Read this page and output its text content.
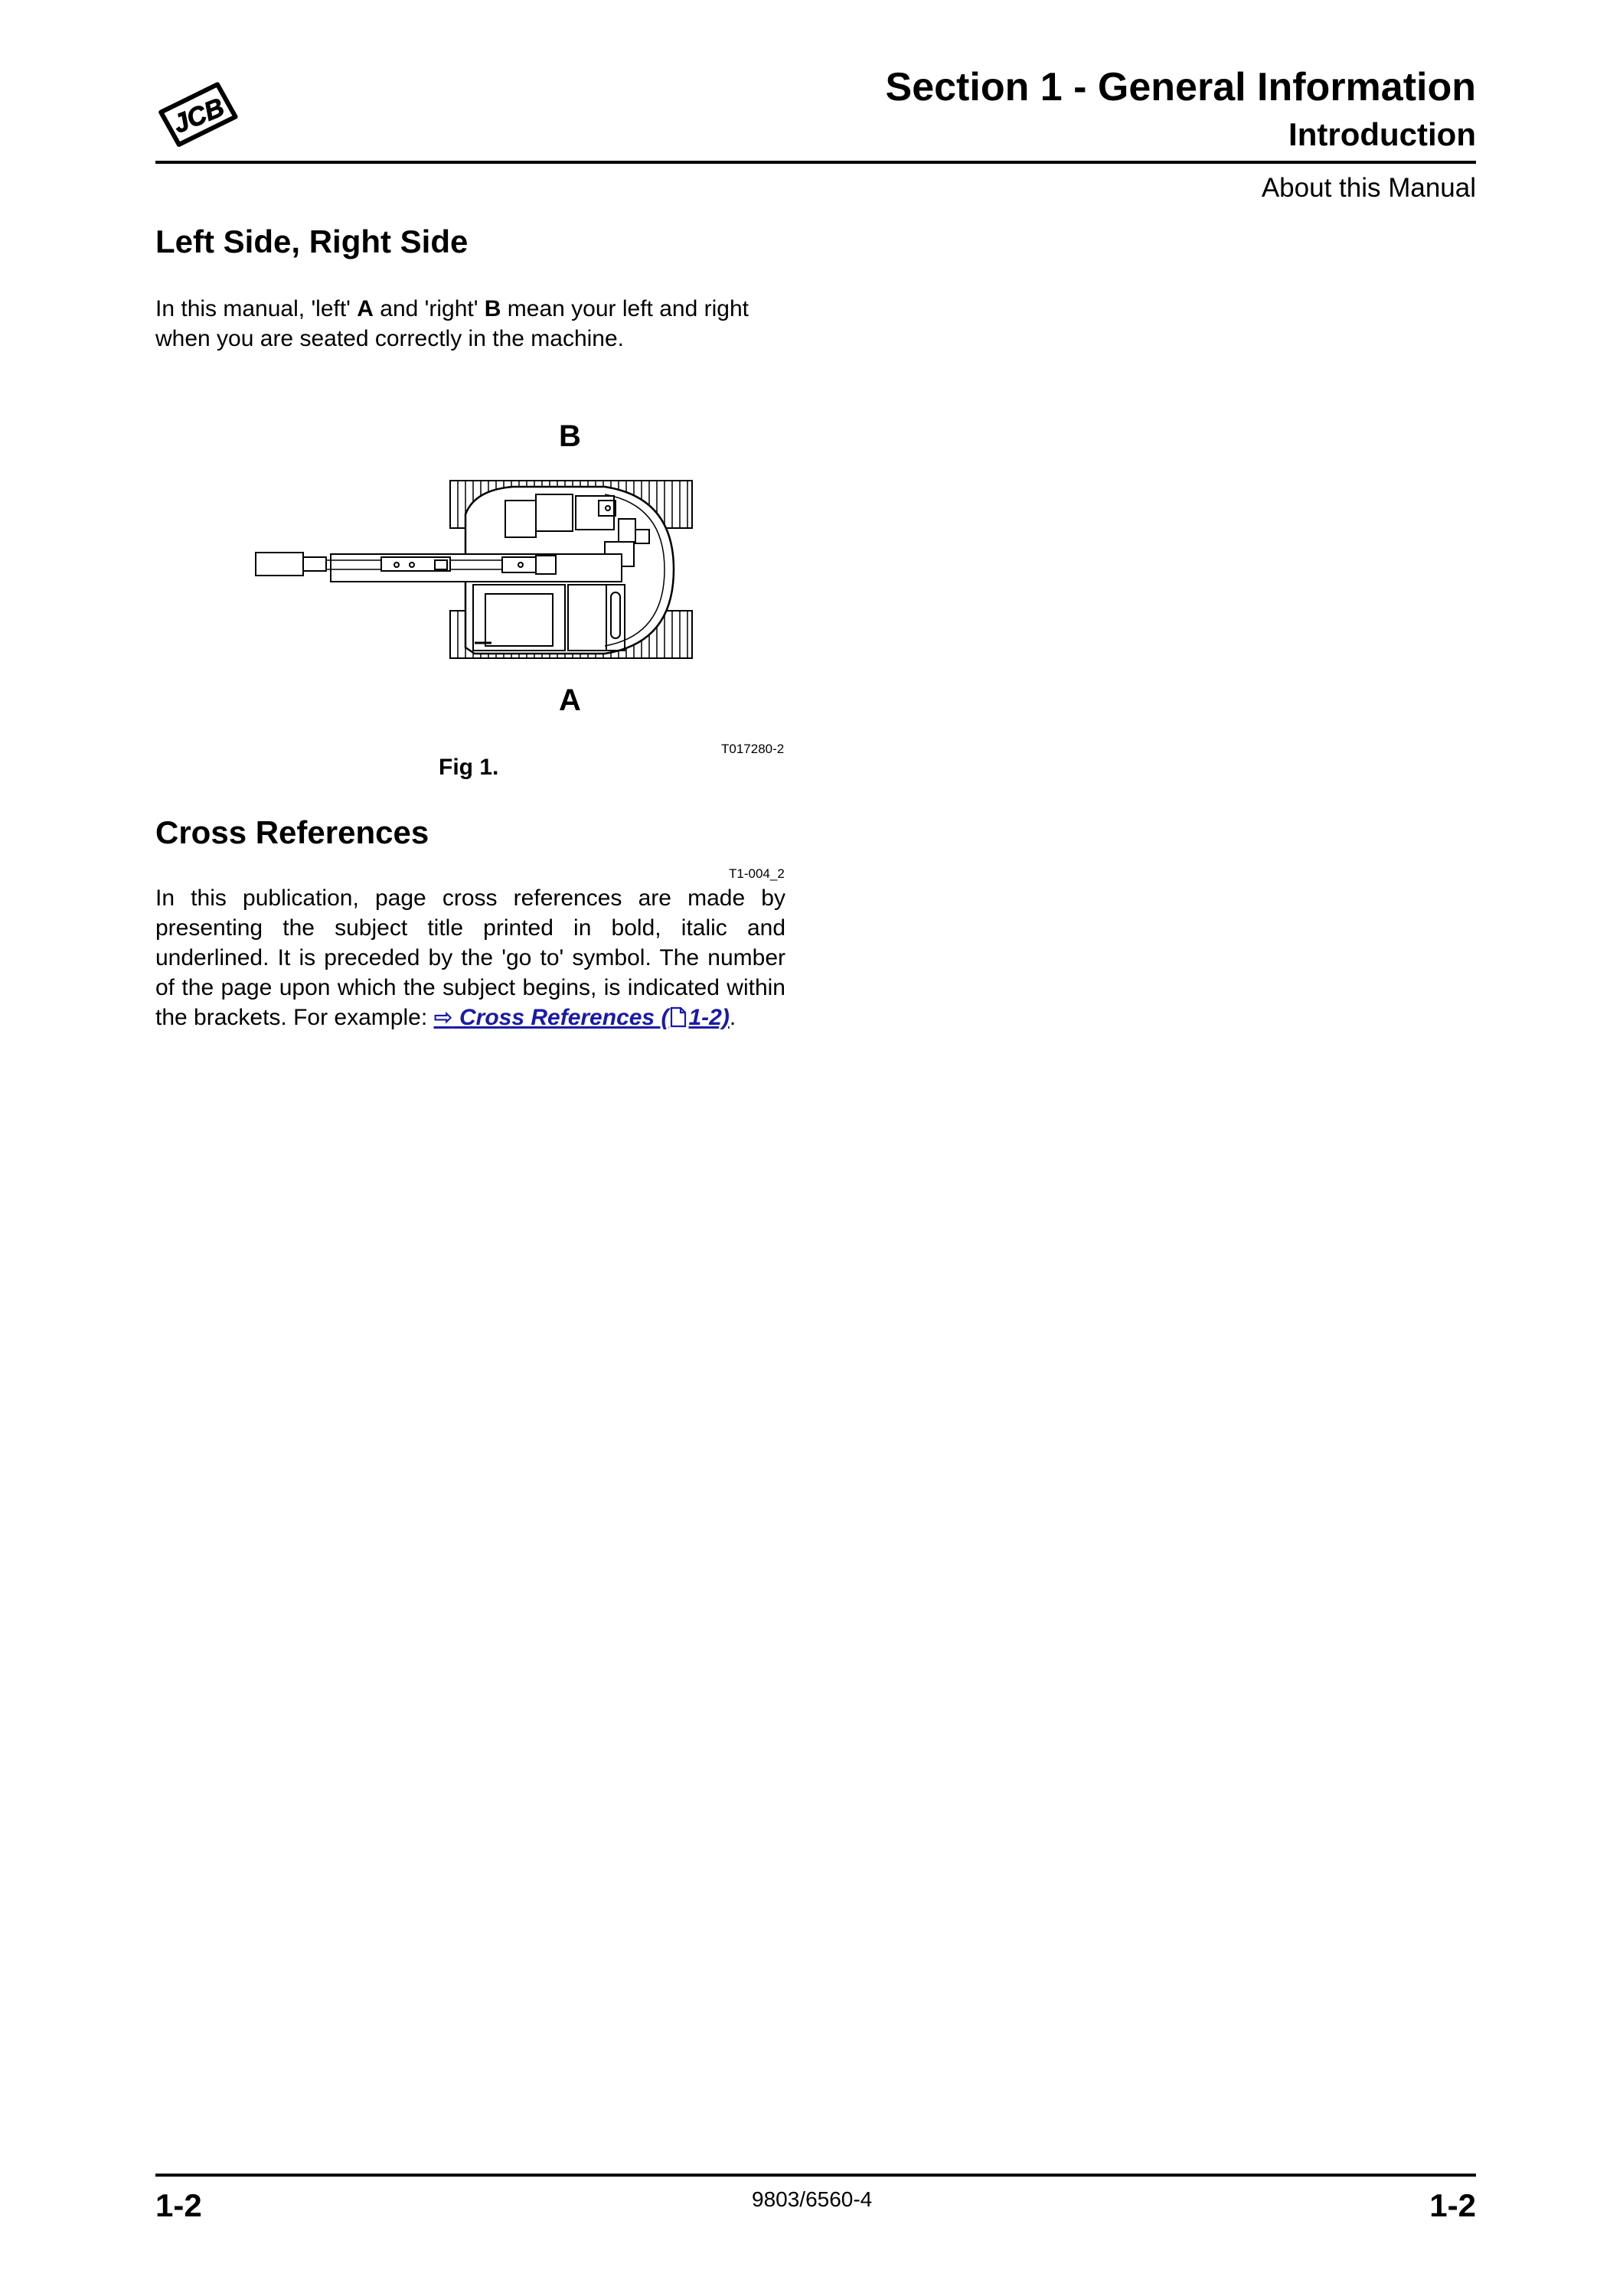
JCB
Section 1 - General Information
Introduction
About this Manual
Left Side, Right Side
In this manual, 'left' A and 'right' B mean your left and right when you are seated correctly in the machine.
B
A
T017280-2
Fig 1.
Cross References
T1-004_2
In this publication, page cross references are made by presenting the subject title printed in bold, italic and underlined. It is preceded by the 'go to' symbol. The number of the page upon which the subject begins, is indicated within the brackets. For example: ⇨ Cross References ( 1-2).
1-2	9803/6560-4	1-2
